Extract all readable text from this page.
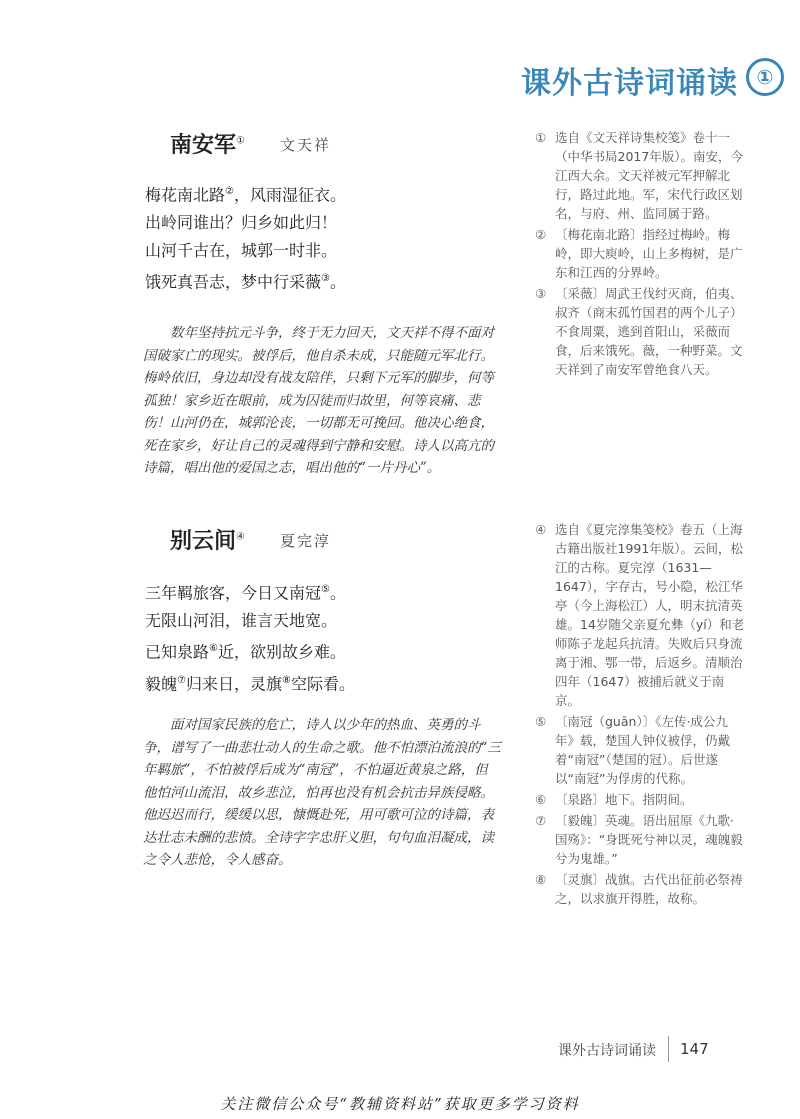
课外古诗词诵读 ①
南安军① 文天祥
梅花南北路②，风雨湿征衣。
出岭同谁出？归乡如此归！
山河千古在，城郭一时非。
饿死真吾志，梦中行采薇③。
数年坚持抗元斗争，终于无力回天，文天祥不得不面对国破家亡的现实。被俘后，他自杀未成，只能随元军北行。梅岭依旧，身边却没有战友陪伴，只剩下元军的脚步，何等孤独！家乡近在眼前，成为囚徒而归故里，何等哀痛、悲伤！山河仍在，城郭沦丧，一切都无可挽回。他决心绝食，死在家乡，好让自己的灵魂得到宁静和安慰。诗人以高亢的诗篇，唱出他的爱国之志，唱出他的“一片丹心”。
① 选自《文天祥诗集校笺》卷十一（中华书局2017年版）。南安，今江西大余。文天祥被元军押解北行，路过此地。军，宋代行政区划名，与府、州、监同属于路。
② 〔梅花南北路〕指经过梅岭。梅岭，即大庾岭，山上多梅树，是广东和江西的分界岭。
③ 〔采薇〕周武王伐纣灭商，伯夷、叔齐（商末孤竹国君的两个儿子）不食周粟，逃到首阳山，采薇而食，后来饿死。薇，一种野菜。文天祥到了南安军曾绝食八天。
别云间④ 夏完淳
三年羁旅客，今日又南冠⑤。
无限山河泪，谁言天地宽。
已知泉路⑥近，欲别故乡难。
毅魄⑦归来日，灵旗⑧空际看。
面对国家民族的危亡，诗人以少年的热血、英勇的斗争，谱写了一曲悲壮动人的生命之歌。他不怕漂泊流浪的“三年羁旅”，不怕被俘后成为“南冠”，不怕逼近黄泉之路，但他怕河山流泪，故乡悲泣，怕再也没有机会抗击异族侵略。他迟迟而行，缓缓以思，慷慨赴死，用可歌可泣的诗篇，表达壮志未酬的悲愤。全诗字字忠肝义胆，句句血泪凝成，读之令人悲怆，令人感奋。
④ 选自《夏完淳集笺校》卷五（上海古籍出版社1991年版）。云间，松江的古称。夏完淳（1631—1647），字存古，号小隐，松江华亭（今上海松江）人，明末抗清英雄。14岁随父亲夏允彝（yí）和老师陈子龙起兵抗清。失败后只身流离于湘、鄂一带，后返乡。清顺治四年（1647）被捕后就义于南京。
⑤ 〔南冠（guān）〕《左传·成公九年》载，楚国人钟仪被俘，仍戴着“南冠”（楚国的冠）。后世遂以“南冠”为俘虏的代称。
⑥ 〔泉路〕地下。指阴间。
⑦ 〔毅魄〕英魂。语出屈原《九歌·国殇》：“身既死兮神以灵，魂魄毅兮为鬼雄。”
⑧ 〔灵旗〕战旗。古代出征前必祭祷之，以求旗开得胜，故称。
课外古诗词诵读 147
关注微信公众号“教辅资料站”获取更多学习资料
